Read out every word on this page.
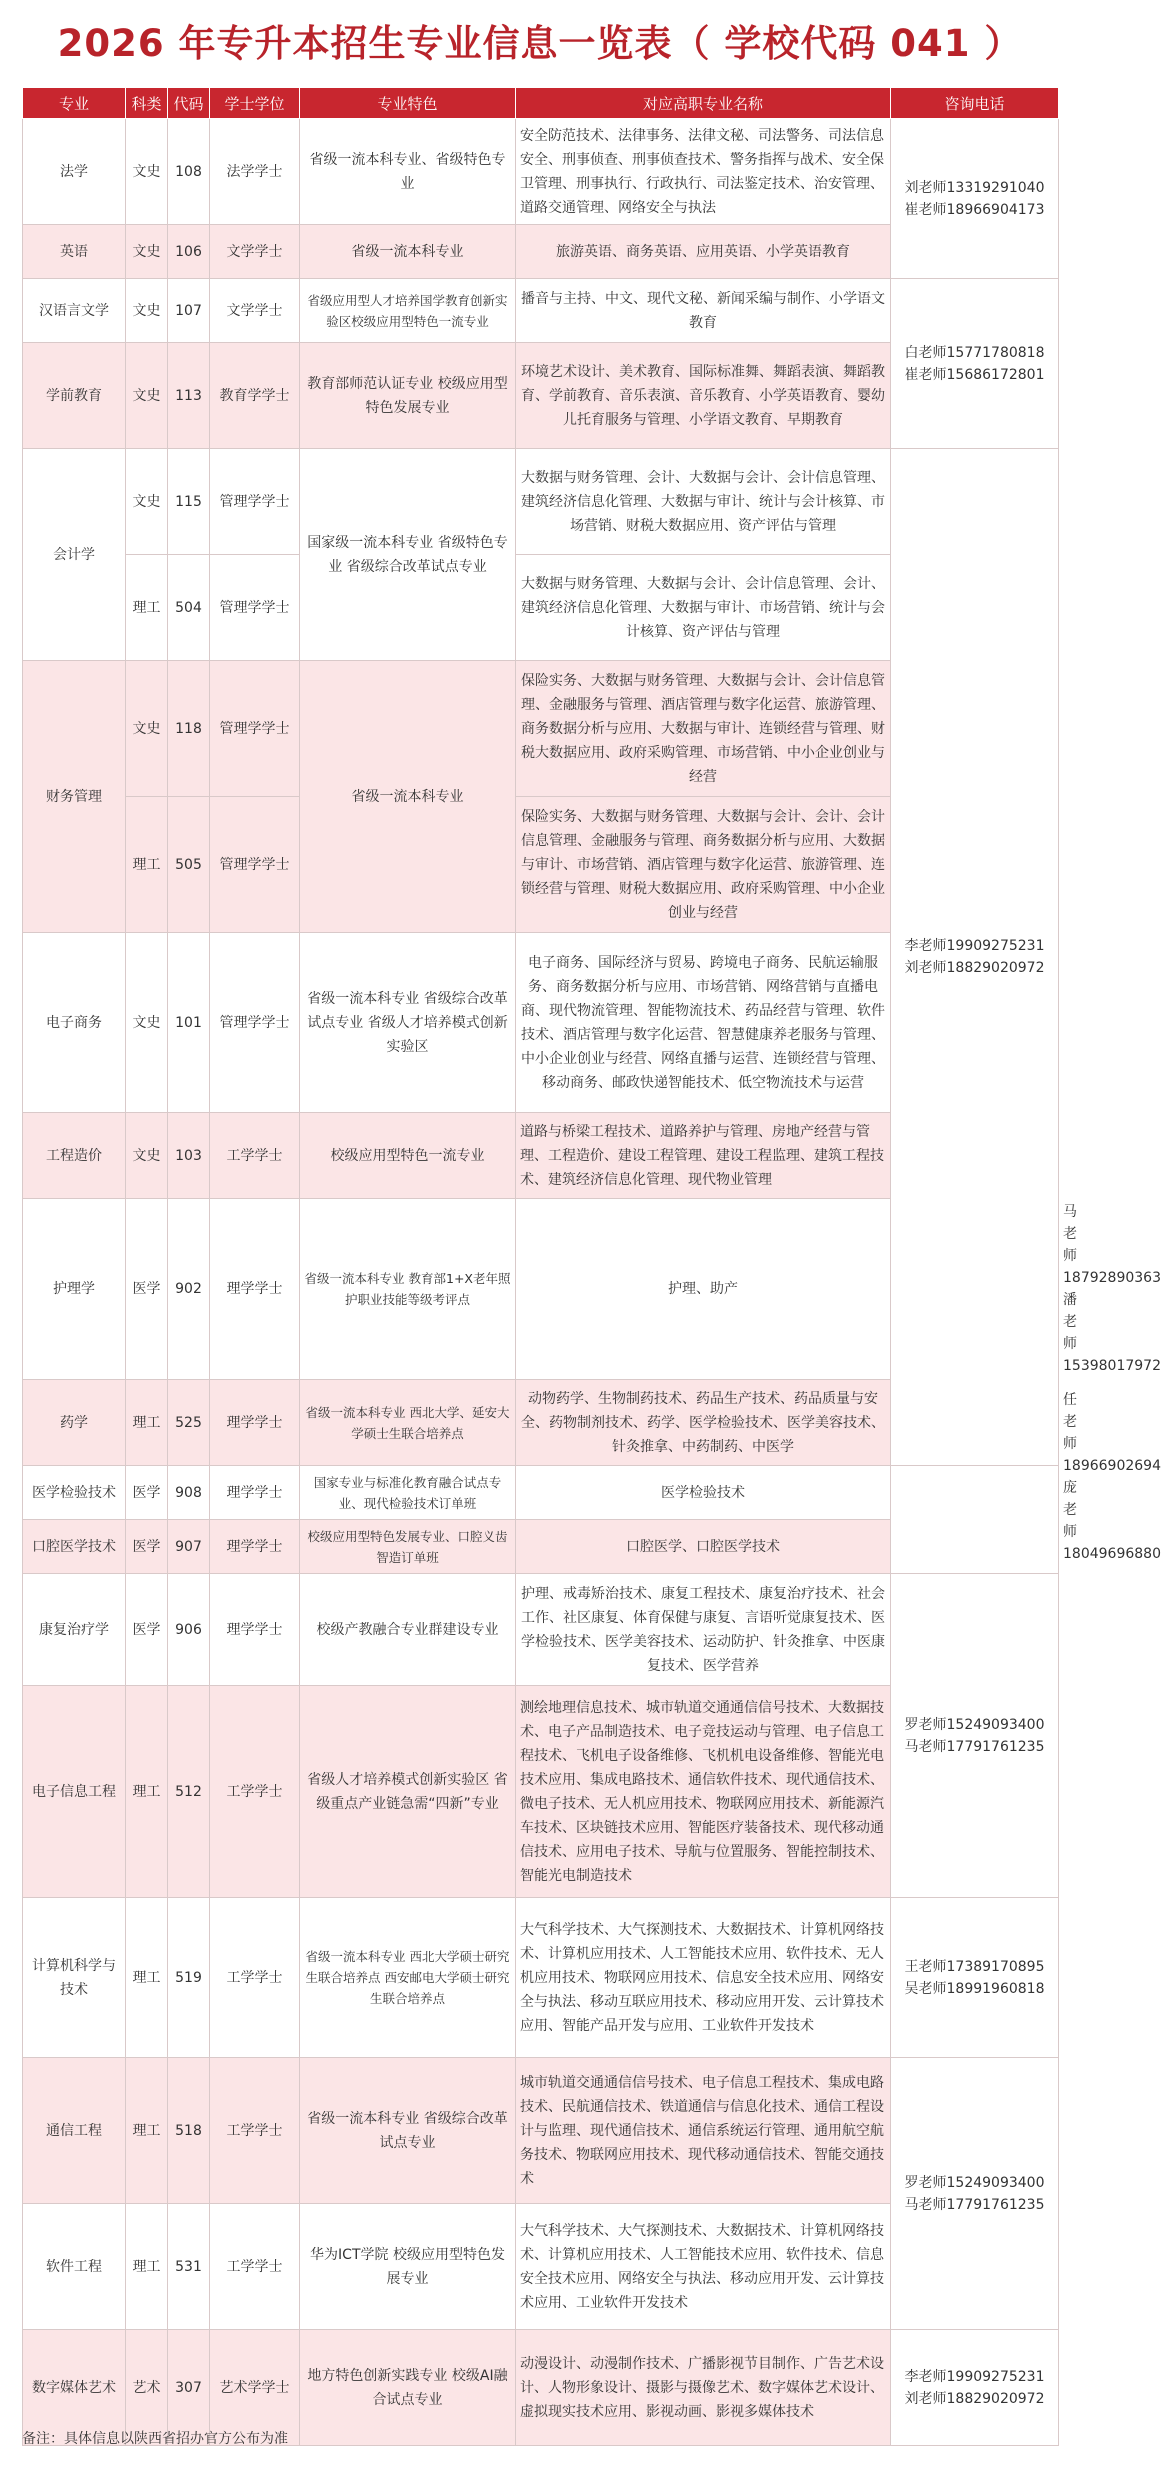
2026 年专升本招生专业信息一览表（ 学校代码 041 ）
专业	科类	代码	学士学位	专业特色	对应高职专业名称	咨询电话	
法学	文史	108	法学学士	省级一流本科专业、省级特色专业	安全防范技术、法律事务、法律文秘、司法警务、司法信息安全、刑事侦查、刑事侦查技术、警务指挥与战术、安全保卫管理、刑事执行、行政执行、司法鉴定技术、治安管理、道路交通管理、网络安全与执法	刘老师13319291040
崔老师18966904173	

英语	文史	106	文学学士	省级一流本科专业	旅游英语、商务英语、应用英语、小学英语教育		
汉语言文学	文史	107	文学学士	省级应用型人才培养国学教育创新实验区校级应用型特色一流专业	播音与主持、中文、现代文秘、新闻采编与制作、小学语文教育	白老师15771780818
崔老师15686172801	

学前教育	文史	113	教育学学士	教育部师范认证专业 校级应用型特色发展专业	环境艺术设计、美术教育、国际标准舞、舞蹈表演、舞蹈教育、学前教育、音乐表演、音乐教育、小学英语教育、婴幼儿托育服务与管理、小学语文教育、早期教育		
会计学	文史	115	管理学学士	国家级一流本科专业 省级特色专业 省级综合改革试点专业	大数据与财务管理、会计、大数据与会计、会计信息管理、建筑经济信息化管理、大数据与审计、统计与会计核算、市场营销、财税大数据应用、资产评估与管理	李老师19909275231
刘老师18829020972	

	理工	504	管理学学士		大数据与财务管理、大数据与会计、会计信息管理、会计、建筑经济信息化管理、大数据与审计、市场营销、统计与会计核算、资产评估与管理		
财务管理	文史	118	管理学学士	省级一流本科专业	保险实务、大数据与财务管理、大数据与会计、会计信息管理、金融服务与管理、酒店管理与数字化运营、旅游管理、商务数据分析与应用、大数据与审计、连锁经营与管理、财税大数据应用、政府采购管理、市场营销、中小企业创业与经营		
	理工	505	管理学学士		保险实务、大数据与财务管理、大数据与会计、会计、会计信息管理、金融服务与管理、商务数据分析与应用、大数据与审计、市场营销、酒店管理与数字化运营、旅游管理、连锁经营与管理、财税大数据应用、政府采购管理、中小企业创业与经营		
电子商务	文史	101	管理学学士	省级一流本科专业 省级综合改革试点专业 省级人才培养模式创新实验区	电子商务、国际经济与贸易、跨境电子商务、民航运输服务、商务数据分析与应用、市场营销、网络营销与直播电商、现代物流管理、智能物流技术、药品经营与管理、软件技术、酒店管理与数字化运营、智慧健康养老服务与管理、中小企业创业与经营、网络直播与运营、连锁经营与管理、移动商务、邮政快递智能技术、低空物流技术与运营		
工程造价	文史	103	工学学士	校级应用型特色一流专业	道路与桥梁工程技术、道路养护与管理、房地产经营与管理、工程造价、建设工程管理、建设工程监理、建筑工程技术、建筑经济信息化管理、现代物业管理		
护理学	医学	902	理学学士	省级一流本科专业 教育部1+X老年照护职业技能等级考评点	护理、助产		马老师18792890363
潘老师15398017972

药学	理工	525	理学学士	省级一流本科专业 西北大学、延安大学硕士生联合培养点	动物药学、生物制药技术、药品生产技术、药品质量与安全、药物制剂技术、药学、医学检验技术、医学美容技术、针灸推拿、中药制药、中医学		任老师18966902694
庞老师18049696880

医学检验技术	医学	908	理学学士	国家专业与标准化教育融合试点专业、现代检验技术订单班	医学检验技术		
口腔医学技术	医学	907	理学学士	校级应用型特色发展专业、口腔义齿智造订单班	口腔医学、口腔医学技术		
康复治疗学	医学	906	理学学士	校级产教融合专业群建设专业	护理、戒毒矫治技术、康复工程技术、康复治疗技术、社会工作、社区康复、体育保健与康复、言语听觉康复技术、医学检验技术、医学美容技术、运动防护、针灸推拿、中医康复技术、医学营养	罗老师15249093400
马老师17791761235	

电子信息工程	理工	512	工学学士	省级人才培养模式创新实验区 省级重点产业链急需“四新”专业	测绘地理信息技术、城市轨道交通通信信号技术、大数据技术、电子产品制造技术、电子竞技运动与管理、电子信息工程技术、飞机电子设备维修、飞机机电设备维修、智能光电技术应用、集成电路技术、通信软件技术、现代通信技术、微电子技术、无人机应用技术、物联网应用技术、新能源汽车技术、区块链技术应用、智能医疗装备技术、现代移动通信技术、应用电子技术、导航与位置服务、智能控制技术、智能光电制造技术		
计算机科学与技术	理工	519	工学学士	省级一流本科专业 西北大学硕士研究生联合培养点 西安邮电大学硕士研究生联合培养点	大气科学技术、大气探测技术、大数据技术、计算机网络技术、计算机应用技术、人工智能技术应用、软件技术、无人机应用技术、物联网应用技术、信息安全技术应用、网络安全与执法、移动互联应用技术、移动应用开发、云计算技术应用、智能产品开发与应用、工业软件开发技术	王老师17389170895
吴老师18991960818	

通信工程	理工	518	工学学士	省级一流本科专业 省级综合改革试点专业	城市轨道交通通信信号技术、电子信息工程技术、集成电路技术、民航通信技术、铁道通信与信息化技术、通信工程设计与监理、现代通信技术、通信系统运行管理、通用航空航务技术、物联网应用技术、现代移动通信技术、智能交通技术	罗老师15249093400
马老师17791761235	

软件工程	理工	531	工学学士	华为ICT学院 校级应用型特色发展专业	大气科学技术、大气探测技术、大数据技术、计算机网络技术、计算机应用技术、人工智能技术应用、软件技术、信息安全技术应用、网络安全与执法、移动应用开发、云计算技术应用、工业软件开发技术		
数字媒体艺术	艺术	307	艺术学学士	地方特色创新实践专业 校级AI融合试点专业	动漫设计、动漫制作技术、广播影视节目制作、广告艺术设计、人物形象设计、摄影与摄像艺术、数字媒体艺术设计、虚拟现实技术应用、影视动画、影视多媒体技术	李老师19909275231
刘老师18829020972	
备注：具体信息以陕西省招办官方公布为准
